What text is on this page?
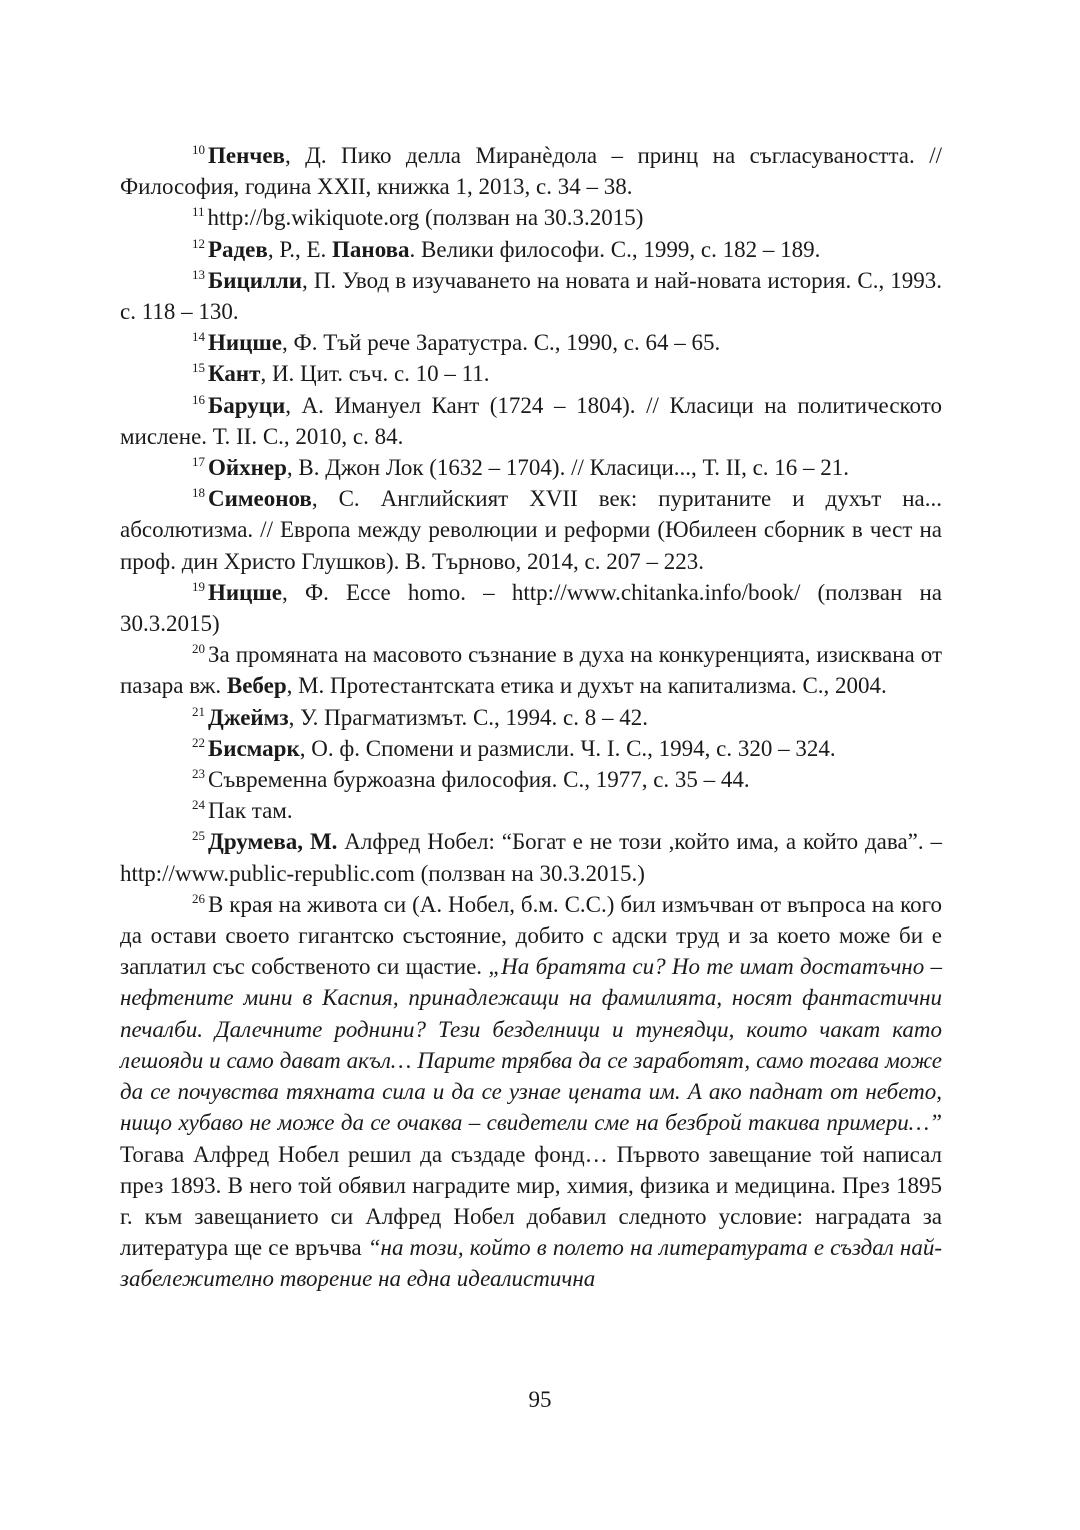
$^{10}$ Пенчев, Д. Пико делла Миранѐдола – принц на съгласуваността. // Философия, година XXII, книжка 1, 2013, с. 34 – 38.

$^{11}$ http://bg.wikiquote.org (ползван на 30.3.2015)

$^{12}$ Радев, Р., Е. Панова. Велики философи. С., 1999, с. 182 – 189.

$^{13}$ Бицилли, П. Увод в изучаването на новата и най-новата история. С., 1993. с. 118 – 130.

$^{14}$ Ницше, Ф. Тъй рече Заратустра. С., 1990, с. 64 – 65.

$^{15}$ Кант, И. Цит. съч. с. 10 – 11.

$^{16}$ Баруци, А. Имануел Кант (1724 – 1804). // Класици на политическото мислене. Т. II. С., 2010, с. 84.

$^{17}$ Ойхнер, В. Джон Лок (1632 – 1704). // Класици..., Т. II, с. 16 – 21.

$^{18}$ Симеонов, С. Английският XVII век: пуританите и духът на... абсолютизма. // Европа между революции и реформи (Юбилеен сборник в чест на проф. дин Христо Глушков). В. Търново, 2014, с. 207 – 223.

$^{19}$ Ницше, Ф. Ecce homo. – http://www.chitanka.info/book/ (ползван на 30.3.2015)

$^{20}$ За промяната на масовото съзнание в духа на конкуренцията, изисквана от пазара вж. Вебер, М. Протестантската етика и духът на капитализма. С., 2004.

$^{21}$ Джеймз, У. Прагматизмът. С., 1994. с. 8 – 42.

$^{22}$ Бисмарк, О. ф. Спомени и размисли. Ч. I. С., 1994, с. 320 – 324.

$^{23}$ Съвременна буржоазна философия. С., 1977, с. 35 – 44.

$^{24}$ Пак там.

$^{25}$ Друмева, М. Алфред Нобел: “Богат е не този ,който има, а който дава”. – http://www.public-republic.com (ползван на 30.3.2015.)

$^{26}$ В края на живота си (А. Нобел, б.м. С.С.) бил измъчван от въпроса на кого да остави своето гигантско състояние, добито с адски труд и за което може би е заплатил със собственото си щастие. „На братята си? Но те имат достатъчно – нефтените мини в Каспия, принадлежащи на фамилията, носят фантастични печалби. Далечните роднини? Тези безделници и тунеядци, които чакат като лешояди и само дават акъл… Парите трябва да се заработят, само тогава може да се почувства тяхната сила и да се узнае цената им. А ако паднат от небето, нищо хубаво не може да се очаква – свидетели сме на безброй такива примери…” Тогава Алфред Нобел решил да създаде фонд… Първото завещание той написал през 1893. В него той обявил наградите мир, химия, физика и медицина. През 1895 г. към завещанието си Алфред Нобел добавил следното условие: наградата за литература ще се връчва “на този, който в полето на литературата е създал най-забележително творение на една идеалистична

95
